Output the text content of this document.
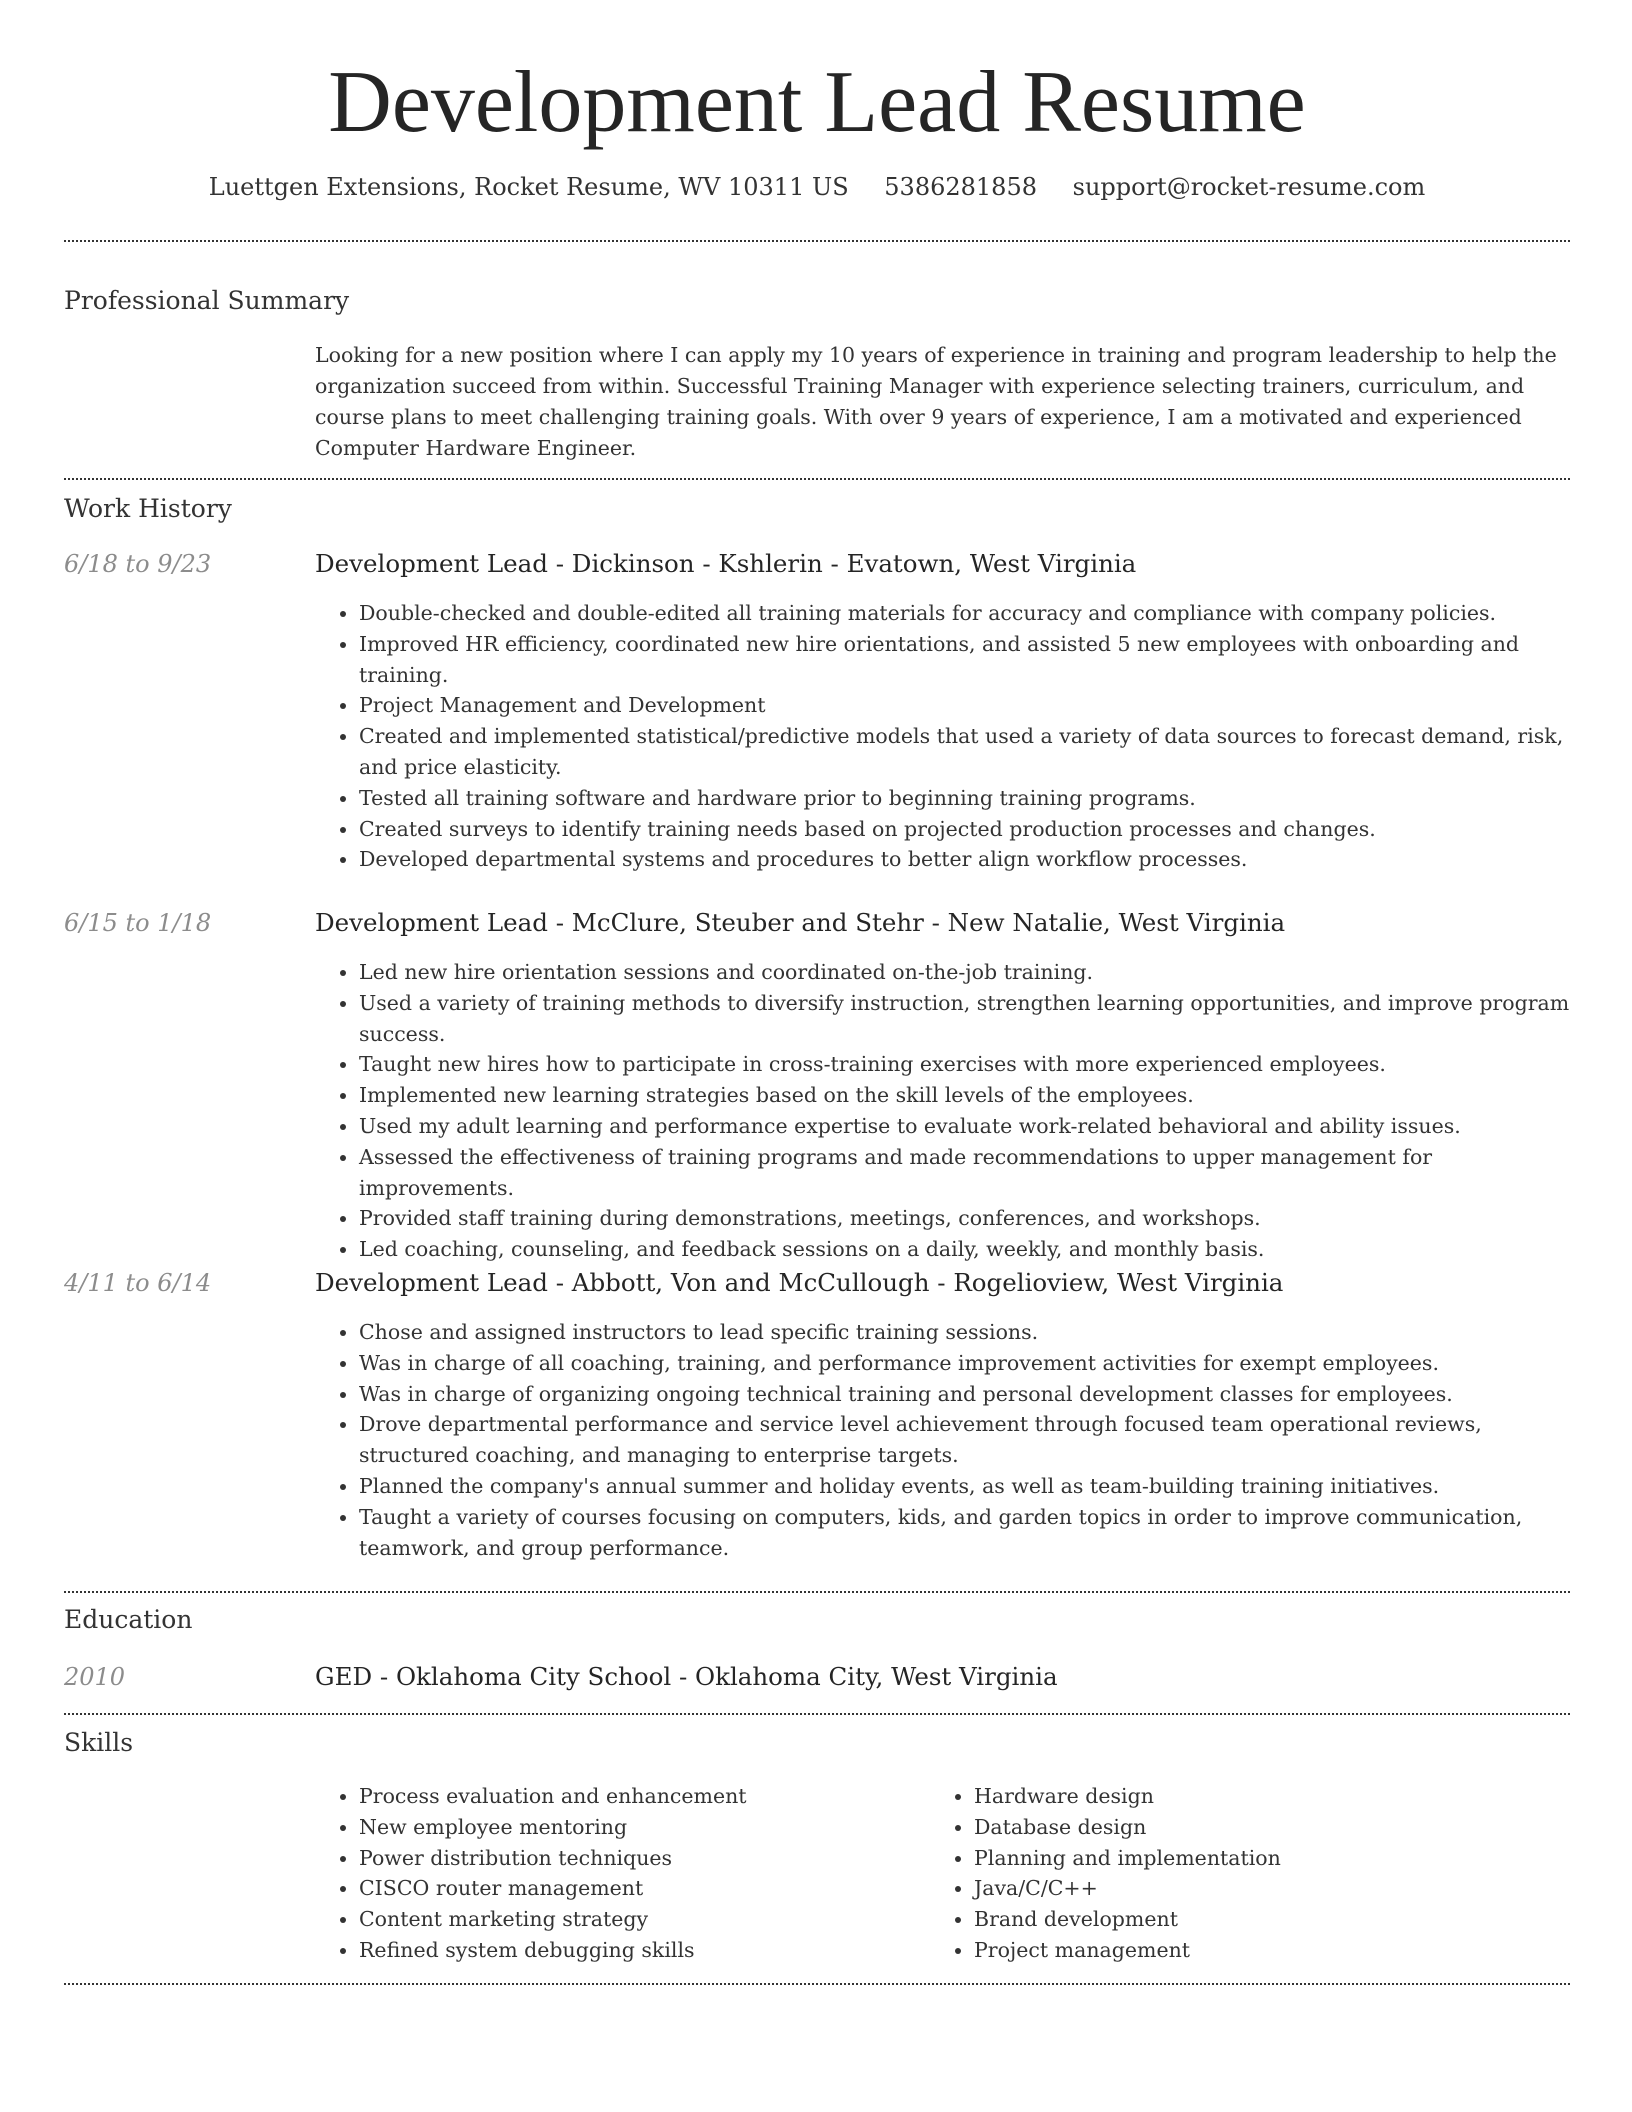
Development Lead Resume
Luettgen Extensions, Rocket Resume, WV 10311 US 5386281858 support@rocket-resume.com
Professional Summary
Looking for a new position where I can apply my 10 years of experience in training and program leadership to help the organization succeed from within. Successful Training Manager with experience selecting trainers, curriculum, and course plans to meet challenging training goals. With over 9 years of experience, I am a motivated and experienced Computer Hardware Engineer.
Work History
6/18 to 9/23	Development Lead - Dickinson - Kshlerin - Evatown, West Virginia
• Double-checked and double-edited all training materials for accuracy and compliance with company policies.
• Improved HR efficiency, coordinated new hire orientations, and assisted 5 new employees with onboarding and training.
• Project Management and Development
• Created and implemented statistical/predictive models that used a variety of data sources to forecast demand, risk, and price elasticity.
• Tested all training software and hardware prior to beginning training programs.
• Created surveys to identify training needs based on projected production processes and changes.
• Developed departmental systems and procedures to better align workflow processes.
6/15 to 1/18	Development Lead - McClure, Steuber and Stehr - New Natalie, West Virginia
• Led new hire orientation sessions and coordinated on-the-job training.
• Used a variety of training methods to diversify instruction, strengthen learning opportunities, and improve program success.
• Taught new hires how to participate in cross-training exercises with more experienced employees.
• Implemented new learning strategies based on the skill levels of the employees.
• Used my adult learning and performance expertise to evaluate work-related behavioral and ability issues.
• Assessed the effectiveness of training programs and made recommendations to upper management for improvements.
• Provided staff training during demonstrations, meetings, conferences, and workshops.
• Led coaching, counseling, and feedback sessions on a daily, weekly, and monthly basis.
4/11 to 6/14	Development Lead - Abbott, Von and McCullough - Rogelioview, West Virginia
• Chose and assigned instructors to lead specific training sessions.
• Was in charge of all coaching, training, and performance improvement activities for exempt employees.
• Was in charge of organizing ongoing technical training and personal development classes for employees.
• Drove departmental performance and service level achievement through focused team operational reviews, structured coaching, and managing to enterprise targets.
• Planned the company's annual summer and holiday events, as well as team-building training initiatives.
• Taught a variety of courses focusing on computers, kids, and garden topics in order to improve communication, teamwork, and group performance.
Education
2010	GED - Oklahoma City School - Oklahoma City, West Virginia
Skills
• Process evaluation and enhancement
• New employee mentoring
• Power distribution techniques
• CISCO router management
• Content marketing strategy
• Refined system debugging skills
• Hardware design
• Database design
• Planning and implementation
• Java/C/C++
• Brand development
• Project management
